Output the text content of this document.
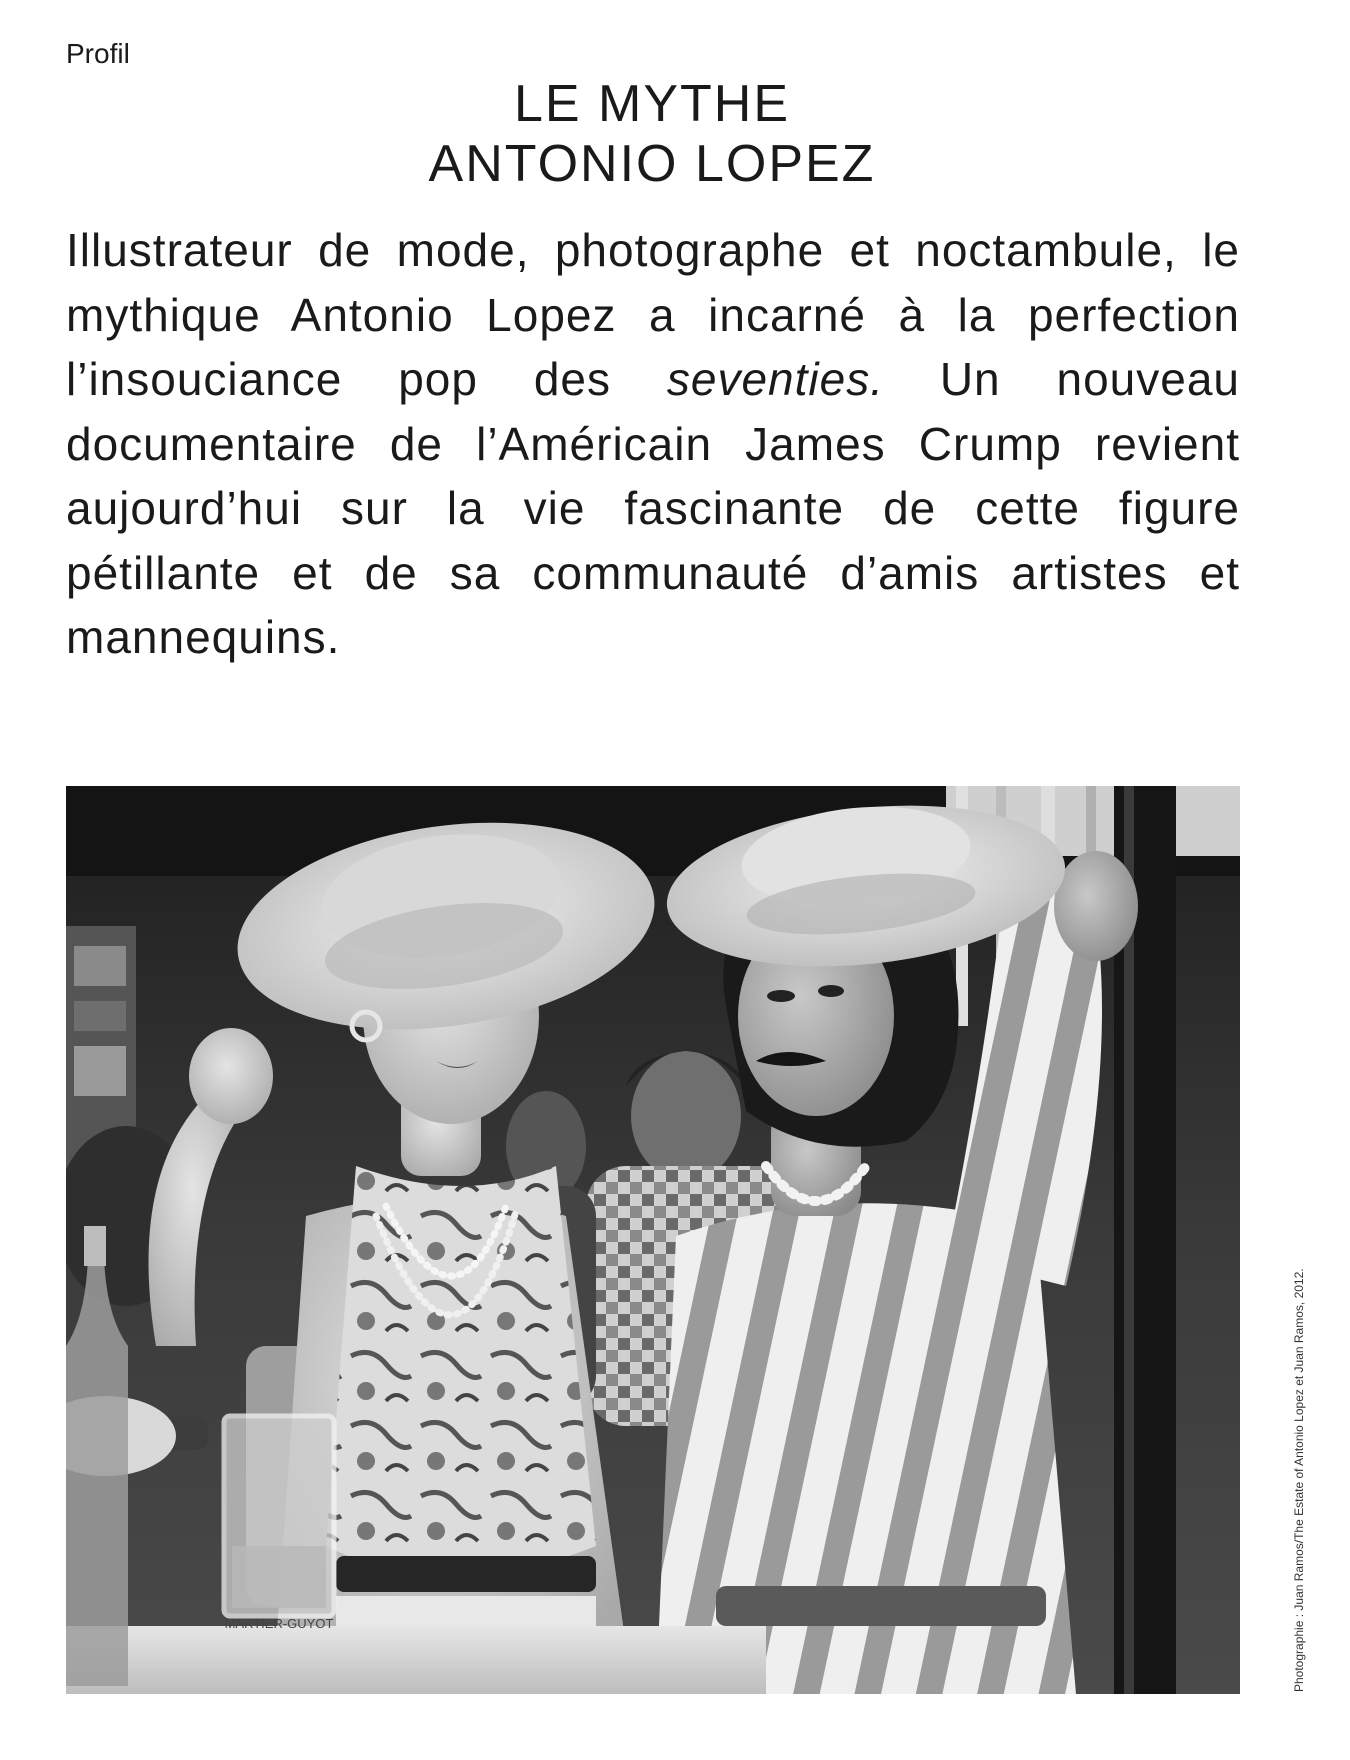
Profil
LE MYTHE
ANTONIO LOPEZ

Illustrateur de mode, photographe et noctambule, le mythique Antonio Lopez a incarné à la perfection l’insouciance pop des seventies. Un nouveau documentaire de l’Américain James Crump revient aujourd’hui sur la vie fascinante de cette figure pétillante et de sa communauté d’amis artistes et mannequins.

MARTIER-GUYOT	Photographie : Juan Ramos/The Estate of Antonio Lopez et Juan Ramos, 2012.
